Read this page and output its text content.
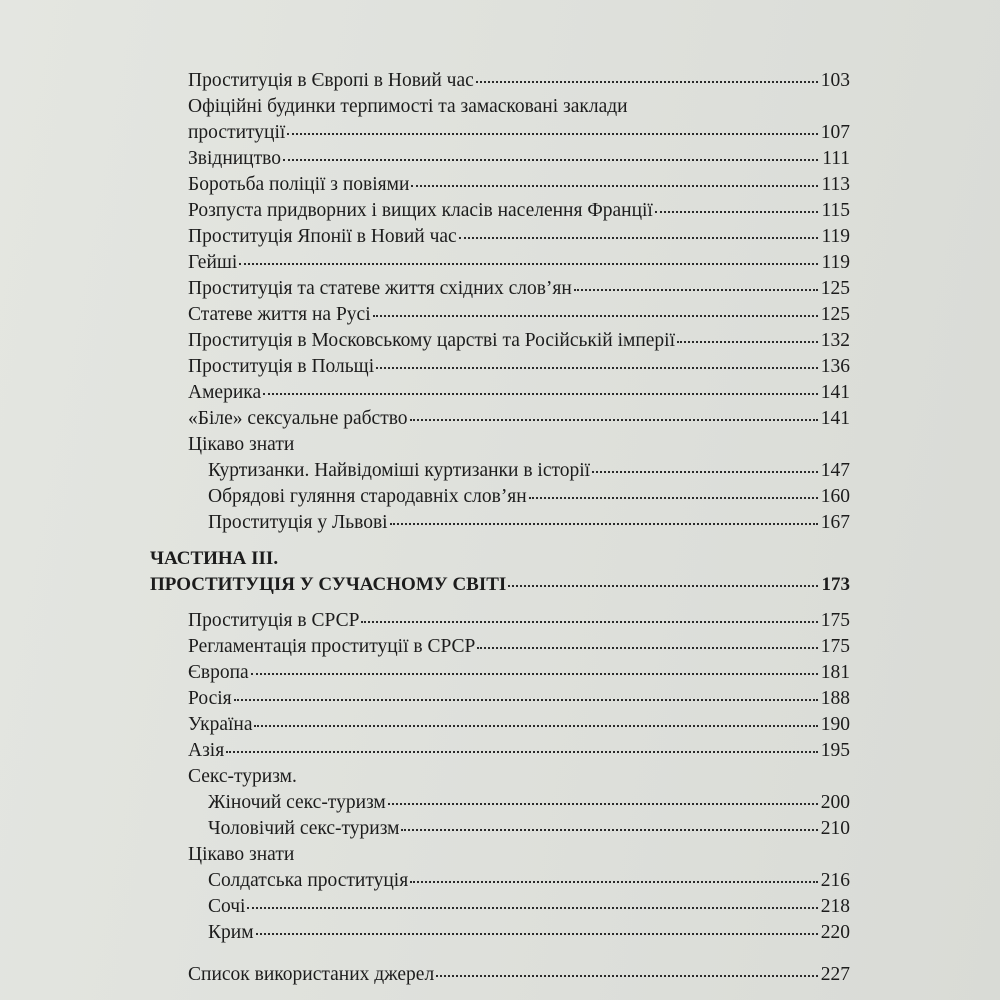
Проституція в Європі в Новий час	103
Офіційні будинки терпимості та замасковані заклади
проституції	107
Звідництво	111
Боротьба поліції з повіями	113
Розпуста придворних і вищих класів населення Франції	115
Проституція Японії в Новий час	119
Гейші	119
Проституція та статеве життя східних слов’ян	125
Статеве життя на Русі	125
Проституція в Московському царстві та Російській імперії	132
Проституція в Польщі	136
Америка	141
«Біле» сексуальне рабство	141
Цікаво знати
Куртизанки. Найвідоміші куртизанки в історії	147
Обрядові гуляння стародавніх слов’ян	160
Проституція у Львові	167
ЧАСТИНА ІІІ.
ПРОСТИТУЦІЯ У СУЧАСНОМУ СВІТІ	173
Проституція в СРСР	175
Регламентація проституції в СРСР	175
Європа	181
Росія	188
Україна	190
Азія	195
Секс-туризм.
Жіночий секс-туризм	200
Чоловічий секс-туризм	210
Цікаво знати
Солдатська проституція	216
Сочі	218
Крим	220
Список використаних джерел	227
